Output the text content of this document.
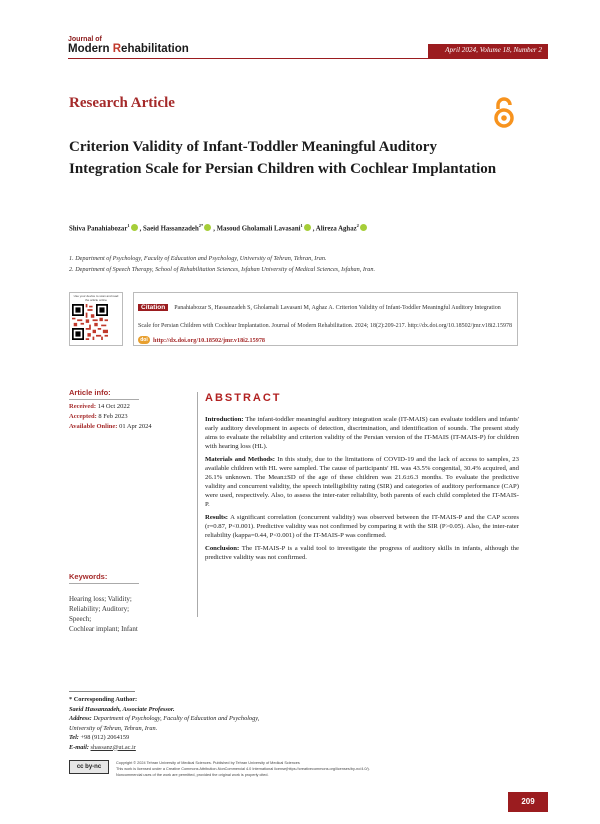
Journal of
Modern Rehabilitation	April 2024, Volume 18, Number 2
Research Article
Criterion Validity of Infant-Toddler Meaningful Auditory Integration Scale for Persian Children with Cochlear Implantation
Shiva Panahiabozar$^1$ , Saeid Hassanzadeh$^{2*}$ , Masoud Gholamali Lavasani$^1$ , Alireza Aghaz$^2$
1. Department of Psychology, Faculty of Education and Psychology, University of Tehran, Tehran, Iran.
2. Department of Speech Therapy, School of Rehabilitation Sciences, Isfahan University of Medical Sciences, Isfahan, Iran.
Use your device to scan and read the article online
Citation Panahiabozar S, Hassanzadeh S, Gholamali Lavasani M, Aghaz A. Criterion Validity of Infant-Toddler Meaningful Auditory Integration Scale for Persian Children with Cochlear Implantation. Journal of Modern Rehabilitation. 2024; 18(2):209-217. http://dx.doi.org/10.18502/jmr.v18i2.15978
doi http://dx.doi.org/10.18502/jmr.v18i2.15978
Article info:
Received: 14 Oct 2022
Accepted: 8 Feb 2023
Available Online: 01 Apr 2024
Keywords:
Hearing loss; Validity;
Reliability; Auditory; Speech;
Cochlear implant; Infant
ABSTRACT

Introduction: The infant-toddler meaningful auditory integration scale (IT-MAIS) can evaluate toddlers and infants' early auditory development in aspects of detection, discrimination, and identification of sounds. The present study aims to evaluate the reliability and criterion validity of the Persian version of the IT-MAIS (IT-MAIS-P) for children with hearing loss (HL).

Materials and Methods: In this study, due to the limitations of COVID-19 and the lack of access to samples, 23 available children with HL were sampled. The cause of participants' HL was 43.5% congenital, 30.4% acquired, and 26.1% unknown. The Mean±SD of the age of these children was 21.6±6.3 months. To evaluate the predictive validity and concurrent validity, the speech intelligibility rating (SIR) and categories of auditory performance (CAP) were used, respectively. Also, to assess the inter-rater reliability, both parents of each child completed the IT-MAIS-P.

Results: A significant correlation (concurrent validity) was observed between the IT-MAIS-P and the CAP scores (r=0.87, P<0.001). Predictive validity was not confirmed by comparing it with the SIR (P>0.05). Also, the inter-rater reliability (kappa=0.44, P<0.001) of the IT-MAIS-P was confirmed.

Conclusion: The IT-MAIS-P is a valid tool to investigate the progress of auditory skills in infants, although the predictive validity was not confirmed.

* Corresponding Author:
Saeid Hassanzadeh, Associate Professor.
Address: Department of Psychology, Faculty of Education and Psychology, University of Tehran, Tehran, Iran.
Tel: +98 (912) 2064159
E-mail: shassanz@ut.ac.ir
cc by-nc
Copyright © 2024 Tehran University of Medical Sciences. Published by Tehran University of Medical Sciences
This work is licensed under a Creative Commons Attribution-NonCommercial 4.0 International license(https://creativecommons.org/licenses/by-nc/4.0/).
Noncommercial uses of the work are permitted, provided the original work is properly cited.
209
